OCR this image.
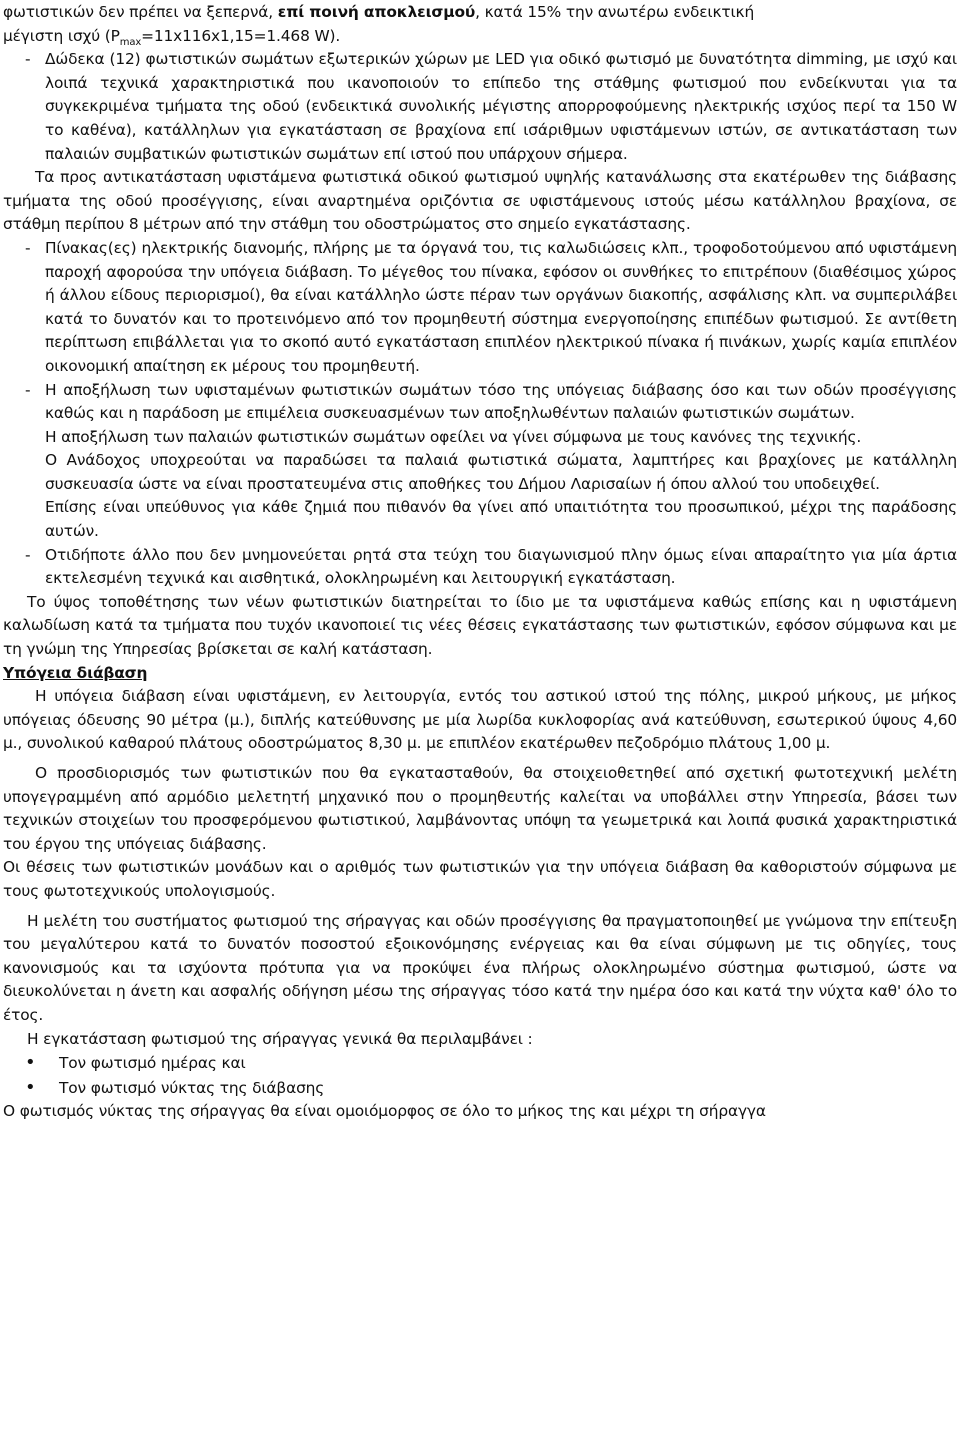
φωτιστικών δεν πρέπει να ξεπερνά, επί ποινή αποκλεισμού, κατά 15% την ανωτέρω ενδεικτική
μέγιστη ισχύ ($P_{max}=11x116x1,15=1.468$ W).

- Δώδεκα (12) φωτιστικών σωμάτων εξωτερικών χώρων με LED για οδικό φωτισμό με δυνατότητα dimming, με ισχύ και λοιπά τεχνικά χαρακτηριστικά που ικανοποιούν το επίπεδο της στάθμης φωτισμού που ενδείκνυται για τα συγκεκριμένα τμήματα της οδού (ενδεικτικά συνολικής μέγιστης απορροφούμενης ηλεκτρικής ισχύος περί τα 150 W το καθένα), κατάλληλων για εγκατάσταση σε βραχίονα επί ισάριθμων υφιστάμενων ιστών, σε αντικατάσταση των παλαιών συμβατικών φωτιστικών σωμάτων επί ιστού που υπάρχουν σήμερα.

Τα προς αντικατάσταση υφιστάμενα φωτιστικά οδικού φωτισμού υψηλής κατανάλωσης στα εκατέρωθεν της διάβασης τμήματα της οδού προσέγγισης, είναι αναρτημένα οριζόντια σε υφιστάμενους ιστούς μέσω κατάλληλου βραχίονα, σε στάθμη περίπου 8 μέτρων από την στάθμη του οδοστρώματος στο σημείο εγκατάστασης.

- Πίνακας(ες) ηλεκτρικής διανομής, πλήρης με τα όργανά του, τις καλωδιώσεις κλπ., τροφοδοτούμενου από υφιστάμενη παροχή αφορούσα την υπόγεια διάβαση. Το μέγεθος του πίνακα, εφόσον οι συνθήκες το επιτρέπουν (διαθέσιμος χώρος ή άλλου είδους περιορισμοί), θα είναι κατάλληλο ώστε πέραν των οργάνων διακοπής, ασφάλισης κλπ. να συμπεριλάβει κατά το δυνατόν και το προτεινόμενο από τον προμηθευτή σύστημα ενεργοποίησης επιπέδων φωτισμού. Σε αντίθετη περίπτωση επιβάλλεται για το σκοπό αυτό εγκατάσταση επιπλέον ηλεκτρικού πίνακα ή πινάκων, χωρίς καμία επιπλέον οικονομική απαίτηση εκ μέρους του προμηθευτή.
- Η αποξήλωση των υφισταμένων φωτιστικών σωμάτων τόσο της υπόγειας διάβασης όσο και των οδών προσέγγισης καθώς και η παράδοση με επιμέλεια συσκευασμένων των αποξηλωθέντων παλαιών φωτιστικών σωμάτων.

Η αποξήλωση των παλαιών φωτιστικών σωμάτων οφείλει να γίνει σύμφωνα με τους κανόνες της τεχνικής.

Ο Ανάδοχος υποχρεούται να παραδώσει τα παλαιά φωτιστικά σώματα, λαμπτήρες και βραχίονες με κατάλληλη συσκευασία ώστε να είναι προστατευμένα στις αποθήκες του Δήμου Λαρισαίων ή όπου αλλού του υποδειχθεί.

Επίσης είναι υπεύθυνος για κάθε ζημιά που πιθανόν θα γίνει από υπαιτιότητα του προσωπικού, μέχρι της παράδοσης αυτών.

- Οτιδήποτε άλλο που δεν μνημονεύεται ρητά στα τεύχη του διαγωνισμού πλην όμως είναι απαραίτητο για μία άρτια εκτελεσμένη τεχνικά και αισθητικά, ολοκληρωμένη και λειτουργική εγκατάσταση.

Το ύψος τοποθέτησης των νέων φωτιστικών διατηρείται το ίδιο με τα υφιστάμενα καθώς επίσης και η υφιστάμενη καλωδίωση κατά τα τμήματα που τυχόν ικανοποιεί τις νέες θέσεις εγκατάστασης των φωτιστικών, εφόσον σύμφωνα και με τη γνώμη της Υπηρεσίας βρίσκεται σε καλή κατάσταση.

Υπόγεια διάβαση

Η υπόγεια διάβαση είναι υφιστάμενη, εν λειτουργία, εντός του αστικού ιστού της πόλης, μικρού μήκους, με μήκος υπόγειας όδευσης 90 μέτρα (μ.), διπλής κατεύθυνσης με μία λωρίδα κυκλοφορίας ανά κατεύθυνση, εσωτερικού ύψους 4,60 μ., συνολικού καθαρού πλάτους οδοστρώματος 8,30 μ. με επιπλέον εκατέρωθεν πεζοδρόμιο πλάτους 1,00 μ.

Ο προσδιορισμός των φωτιστικών που θα εγκατασταθούν, θα στοιχειοθετηθεί από σχετική φωτοτεχνική μελέτη υπογεγραμμένη από αρμόδιο μελετητή μηχανικό που ο προμηθευτής καλείται να υποβάλλει στην Υπηρεσία, βάσει των τεχνικών στοιχείων του προσφερόμενου φωτιστικού, λαμβάνοντας υπόψη τα γεωμετρικά και λοιπά φυσικά χαρακτηριστικά του έργου της υπόγειας διάβασης.

Οι θέσεις των φωτιστικών μονάδων και ο αριθμός των φωτιστικών για την υπόγεια διάβαση θα καθοριστούν σύμφωνα με τους φωτοτεχνικούς υπολογισμούς.

Η μελέτη του συστήματος φωτισμού της σήραγγας και οδών προσέγγισης θα πραγματοποιηθεί με γνώμονα την επίτευξη του μεγαλύτερου κατά το δυνατόν ποσοστού εξοικονόμησης ενέργειας και θα είναι σύμφωνη με τις οδηγίες, τους κανονισμούς και τα ισχύοντα πρότυπα για να προκύψει ένα πλήρως ολοκληρωμένο σύστημα φωτισμού, ώστε να διευκολύνεται η άνετη και ασφαλής οδήγηση μέσω της σήραγγας τόσο κατά την ημέρα όσο και κατά την νύχτα καθ' όλο το έτος.

Η εγκατάσταση φωτισμού της σήραγγας γενικά θα περιλαμβάνει :

•	Τον φωτισμό ημέρας και
•	Τον φωτισμό νύκτας της διάβασης

Ο φωτισμός νύκτας της σήραγγας θα είναι ομοιόμορφος σε όλο το μήκος της και μέχρι τη σήραγγα
